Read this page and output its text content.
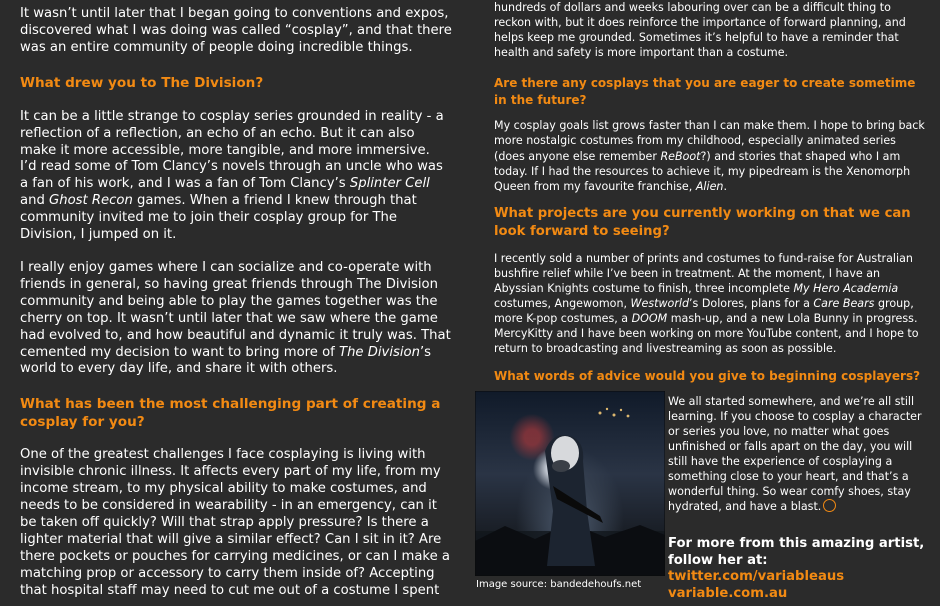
It wasn’t until later that I began going to conventions and expos, discovered what I was doing was called “cosplay”, and that there was an entire community of people doing incredible things.

What drew you to The Division?

It can be a little strange to cosplay series grounded in reality - a reflection of a reflection, an echo of an echo. But it can also make it more accessible, more tangible, and more immersive.

I’d read some of Tom Clancy’s novels through an uncle who was a fan of his work, and I was a fan of Tom Clancy’s Splinter Cell and Ghost Recon games. When a friend I knew through that community invited me to join their cosplay group for The Division, I jumped on it.

I really enjoy games where I can socialize and co-operate with friends in general, so having great friends through The Division community and being able to play the games together was the cherry on top. It wasn’t until later that we saw where the game had evolved to, and how beautiful and dynamic it truly was. That cemented my decision to want to bring more of The Division’s world to every day life, and share it with others.

What has been the most challenging part of creating a cosplay for you?

One of the greatest challenges I face cosplaying is living with invisible chronic illness. It affects every part of my life, from my income stream, to my physical ability to make costumes, and needs to be considered in wearability - in an emergency, can it be taken off quickly? Will that strap apply pressure? Is there a lighter material that will give a similar effect? Can I sit in it? Are there pockets or pouches for carrying medicines, or can I make a matching prop or accessory to carry them inside of? Accepting that hospital staff may need to cut me out of a costume I spent

hundreds of dollars and weeks labouring over can be a difficult thing to reckon with, but it does reinforce the importance of forward planning, and helps keep me grounded. Sometimes it’s helpful to have a reminder that health and safety is more important than a costume.

Are there any cosplays that you are eager to create sometime in the future?

My cosplay goals list grows faster than I can make them. I hope to bring back more nostalgic costumes from my childhood, especially animated series (does anyone else remember ReBoot?) and stories that shaped who I am today. If I had the resources to achieve it, my pipedream is the Xenomorph Queen from my favourite franchise, Alien.

What projects are you currently working on that we can look forward to seeing?

I recently sold a number of prints and costumes to fund-raise for Australian bushfire relief while I’ve been in treatment. At the moment, I have an Abyssian Knights costume to finish, three incomplete My Hero Academia costumes, Angewomon, Westworld’s Dolores, plans for a Care Bears group, more K-pop costumes, a DOOM mash-up, and a new Lola Bunny in progress. MercyKitty and I have been working on more YouTube content, and I hope to return to broadcasting and livestreaming as soon as possible.

What words of advice would you give to beginning cosplayers?
Image source: bandedehoufs.net
We all started somewhere, and we’re all still learning. If you choose to cosplay a character or series you love, no matter what goes unfinished or falls apart on the day, you will still have the experience of cosplaying a something close to your heart, and that’s a wonderful thing. So wear comfy shoes, stay hydrated, and have a blast.
For more from this amazing artist, follow her at:
twitter.com/variableaus
variable.com.au
